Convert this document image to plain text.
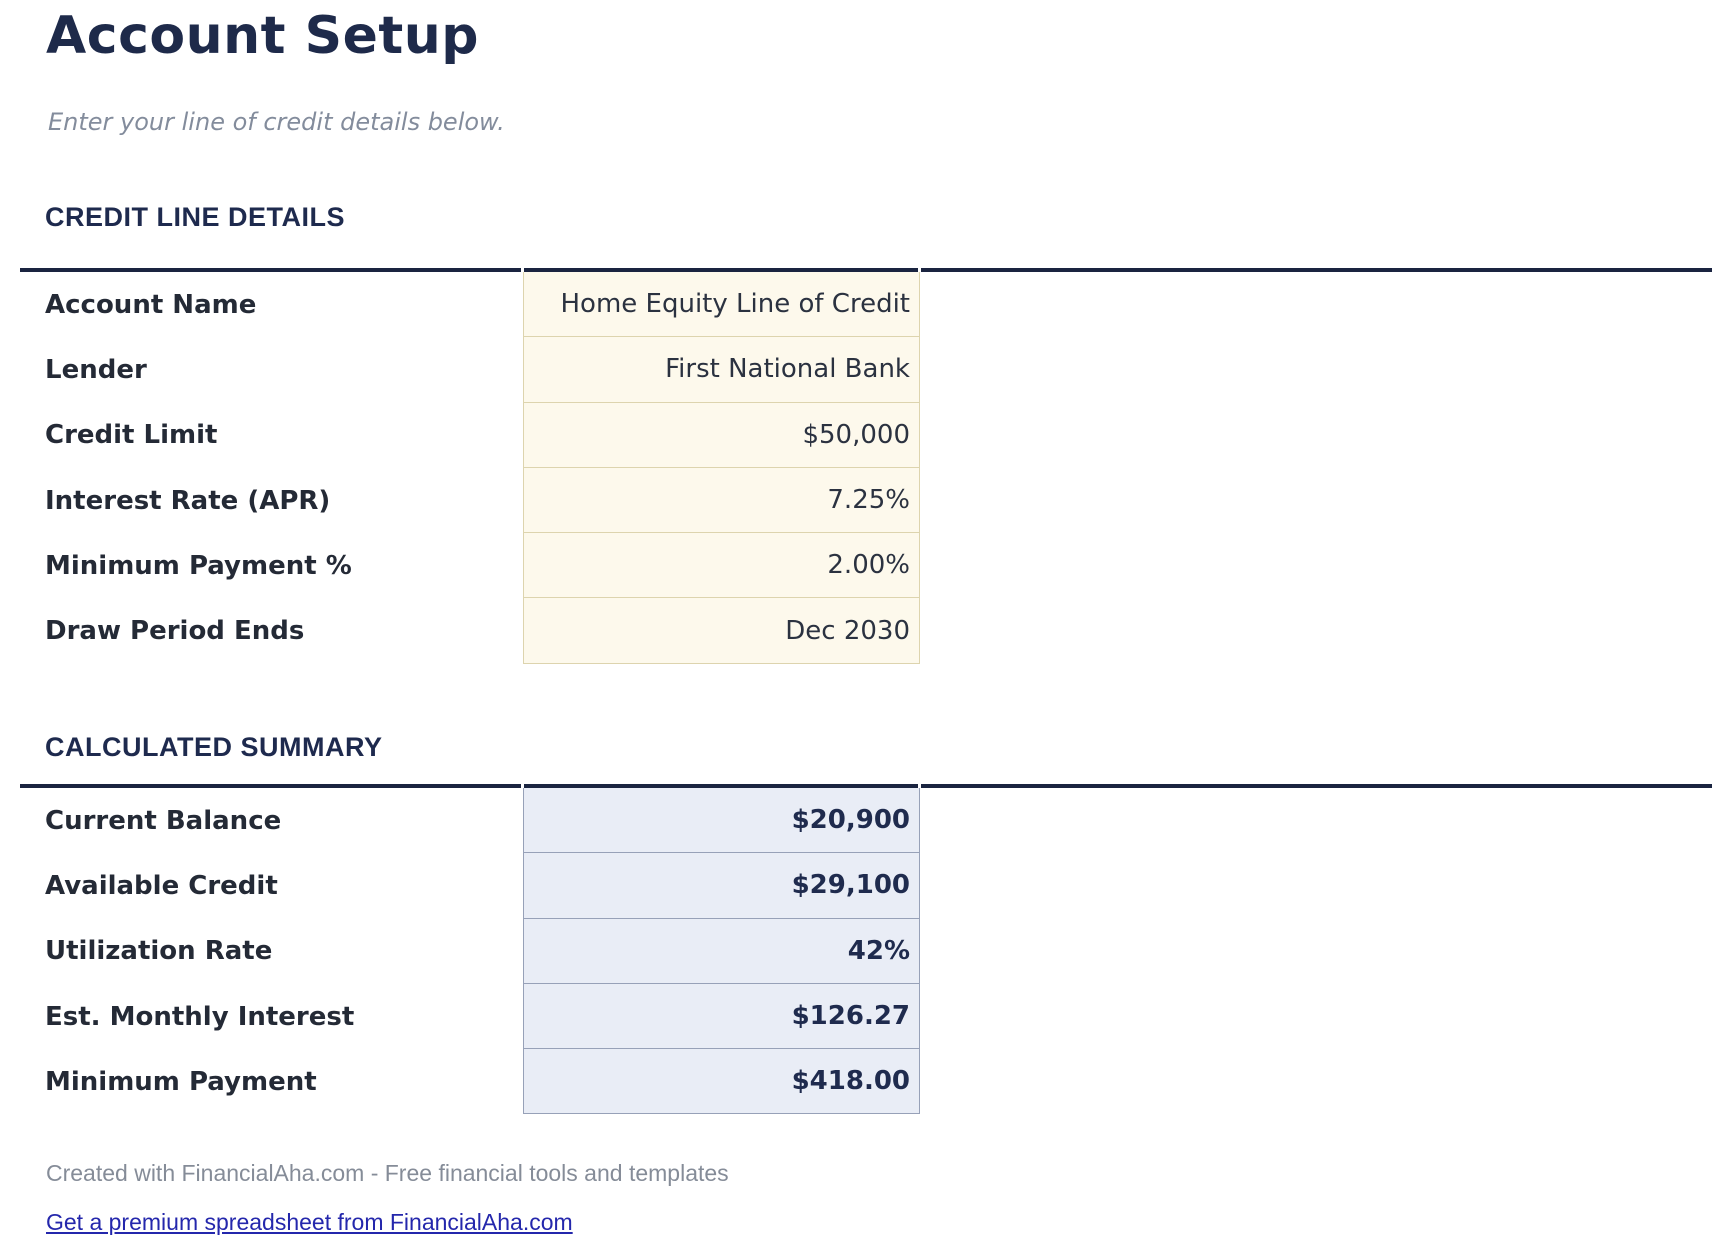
Account Setup
Enter your line of credit details below.
CREDIT LINE DETAILS
Account Name	Home Equity Line of Credit
Lender	First National Bank
Credit Limit	$50,000
Interest Rate (APR)	7.25%
Minimum Payment %	2.00%
Draw Period Ends	Dec 2030
CALCULATED SUMMARY
Current Balance	$20,900
Available Credit	$29,100
Utilization Rate	42%
Est. Monthly Interest	$126.27
Minimum Payment	$418.00
Created with FinancialAha.com - Free financial tools and templates
Get a premium spreadsheet from FinancialAha.com
